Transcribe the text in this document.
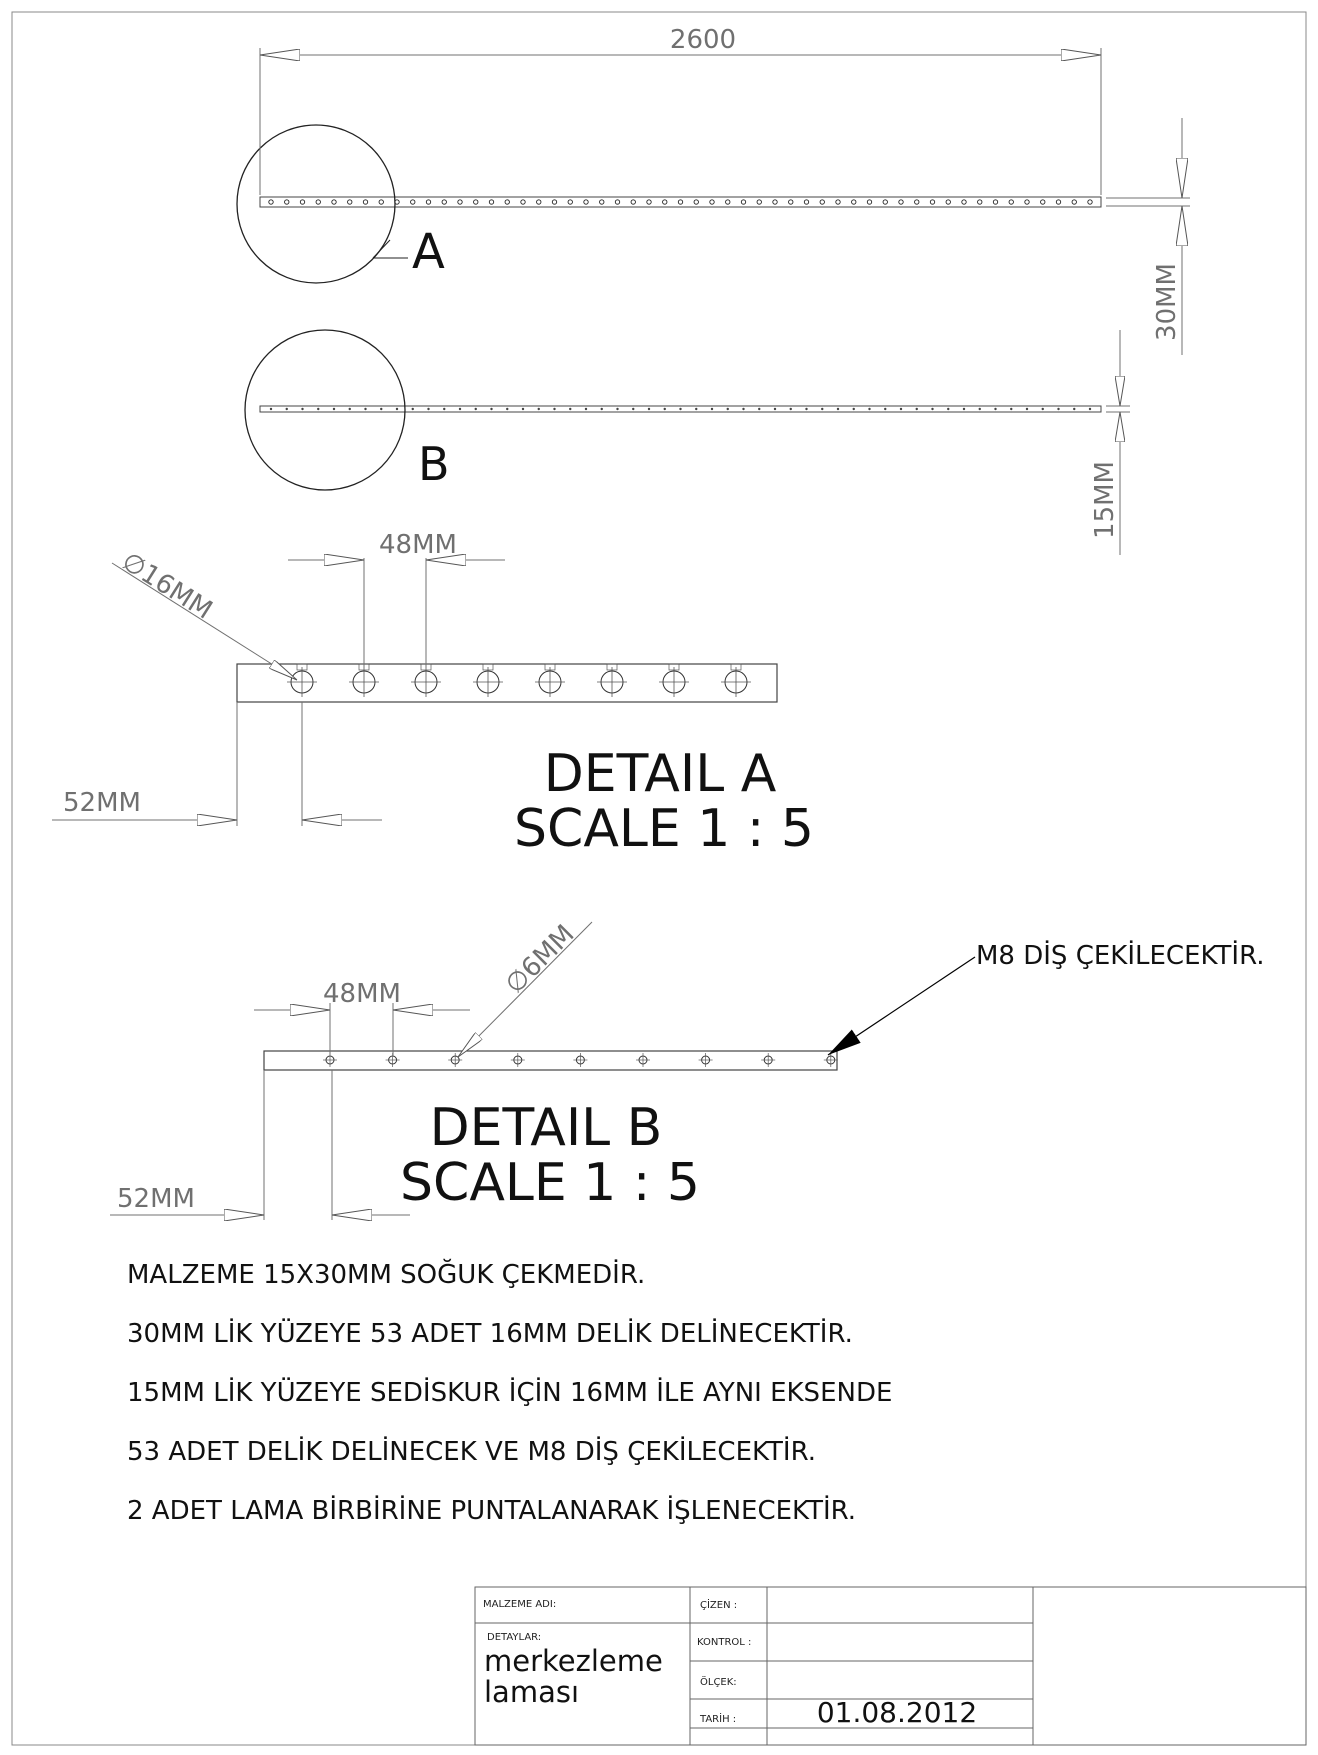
A
2600
30MM
B	15MM
48MM
∅16MM
52MM	DETAIL A
SCALE 1 : 5
48MM	∅6MM	M8 DİŞ ÇEKİLECEKTİR.
52MM
DETAIL B
SCALE 1 : 5
MALZEME 15X30MM SOĞUK ÇEKMEDİR.
30MM LİK YÜZEYE 53 ADET 16MM DELİK DELİNECEKTİR.
15MM LİK YÜZEYE SEDİSKUR İÇİN 16MM İLE AYNI EKSENDE
53 ADET DELİK DELİNECEK VE M8 DİŞ ÇEKİLECEKTİR.
2 ADET LAMA BİRBİRİNE PUNTALANARAK İŞLENECEKTİR.
MALZEME ADI:
DETAYLAR:
merkezleme
laması
ÇİZEN :
KONTROL :
ÖLÇEK:
TARİH :	01.08.2012
